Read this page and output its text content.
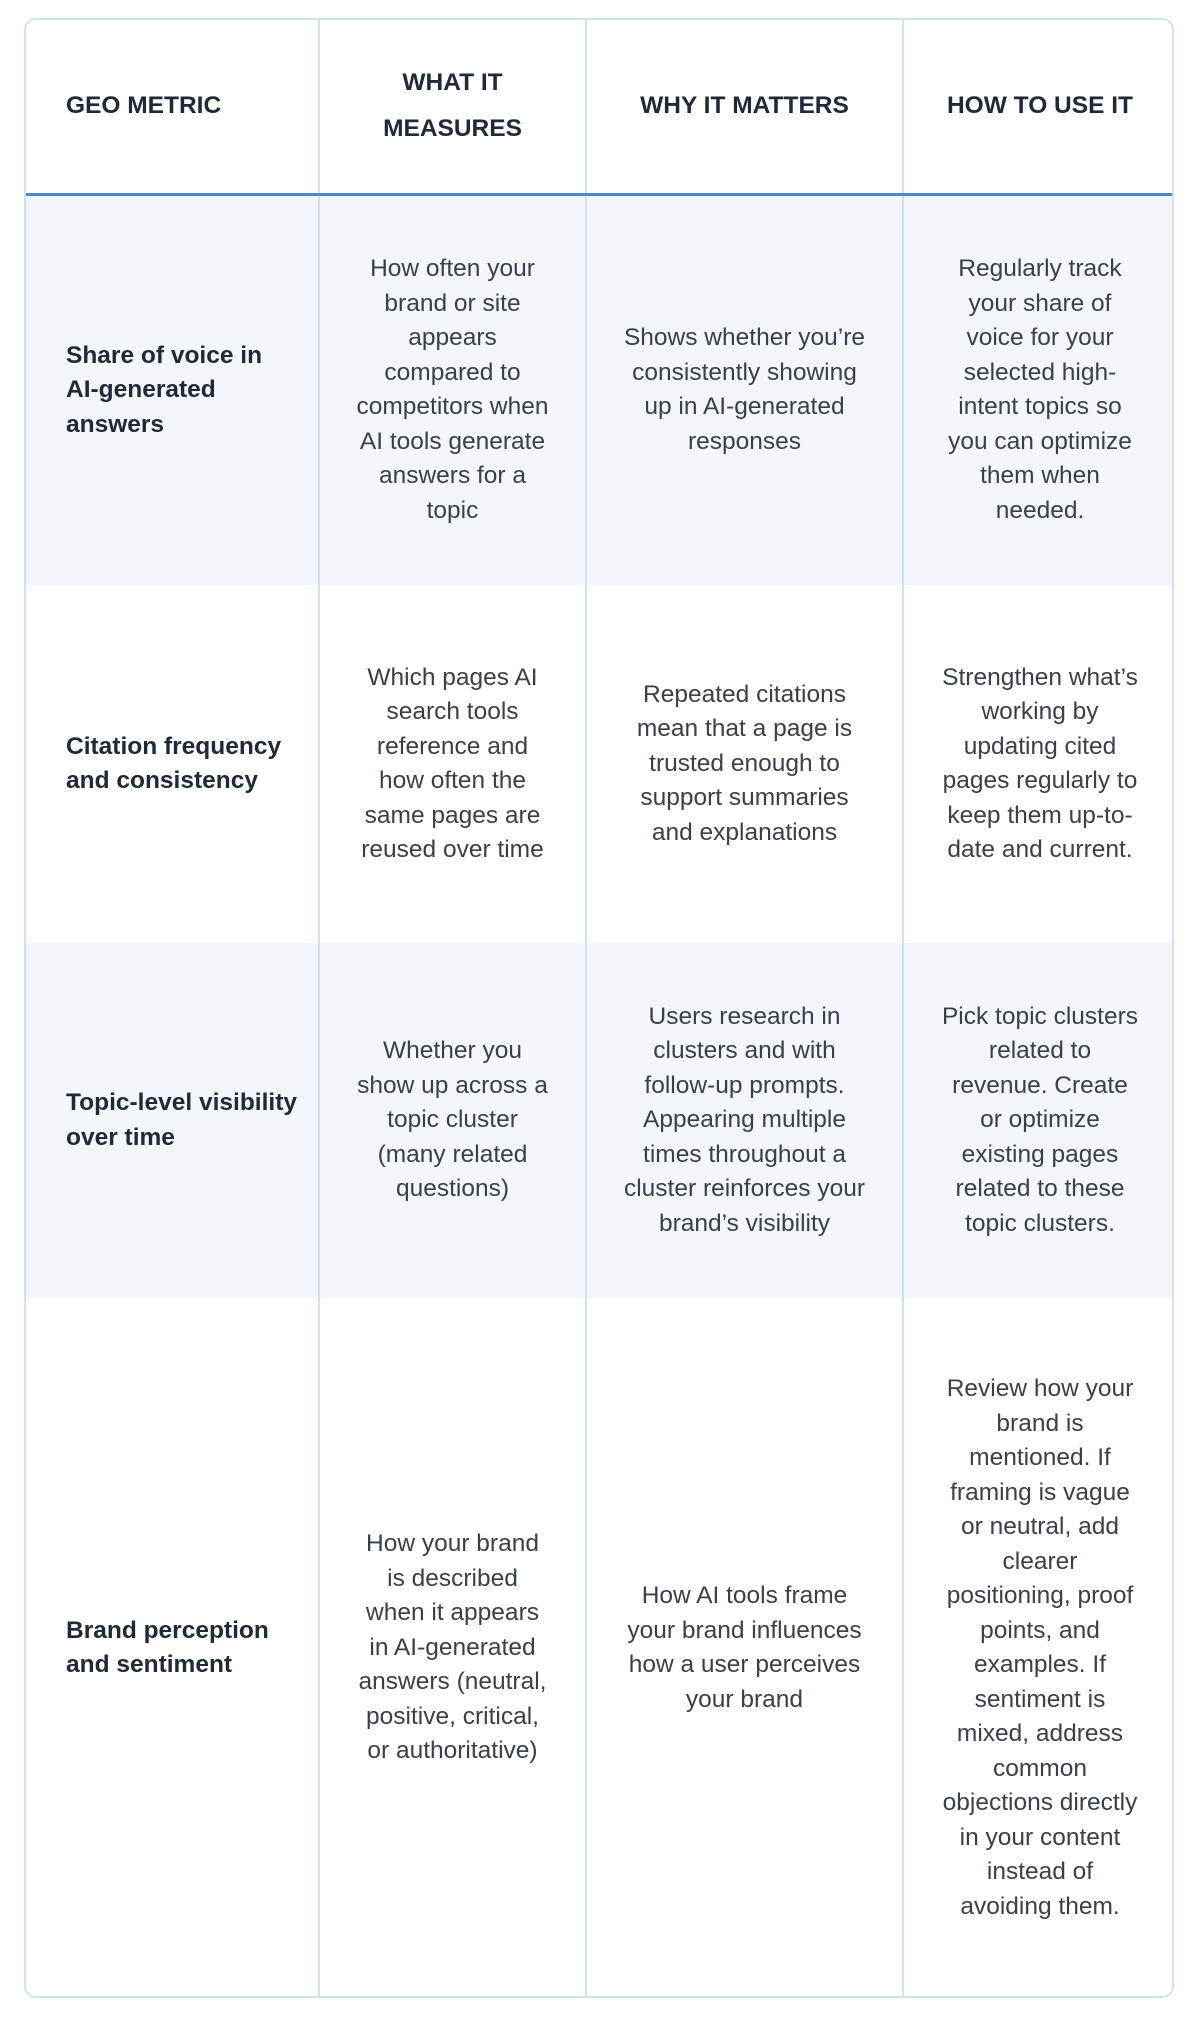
GEO METRIC	WHAT IT MEASURES	WHY IT MATTERS	HOW TO USE IT
Share of voice in AI-generated answers	How often your brand or site appears compared to competitors when AI tools generate answers for a topic	Shows whether you’re consistently showing up in AI-generated responses	Regularly track your share of voice for your selected high-intent topics so you can optimize them when needed.
Citation frequency and consistency	Which pages AI search tools reference and how often the same pages are reused over time	Repeated citations mean that a page is trusted enough to support summaries and explanations	Strengthen what’s working by updating cited pages regularly to keep them up-to-date and current.
Topic-level visibility over time	Whether you show up across a topic cluster (many related questions)	Users research in clusters and with follow-up prompts. Appearing multiple times throughout a cluster reinforces your brand’s visibility	Pick topic clusters related to revenue. Create or optimize existing pages related to these topic clusters.
Brand perception and sentiment	How your brand is described when it appears in AI-generated answers (neutral, positive, critical, or authoritative)	How AI tools frame your brand influences how a user perceives your brand	Review how your brand is mentioned. If framing is vague or neutral, add clearer positioning, proof points, and examples. If sentiment is mixed, address common objections directly in your content instead of avoiding them.
